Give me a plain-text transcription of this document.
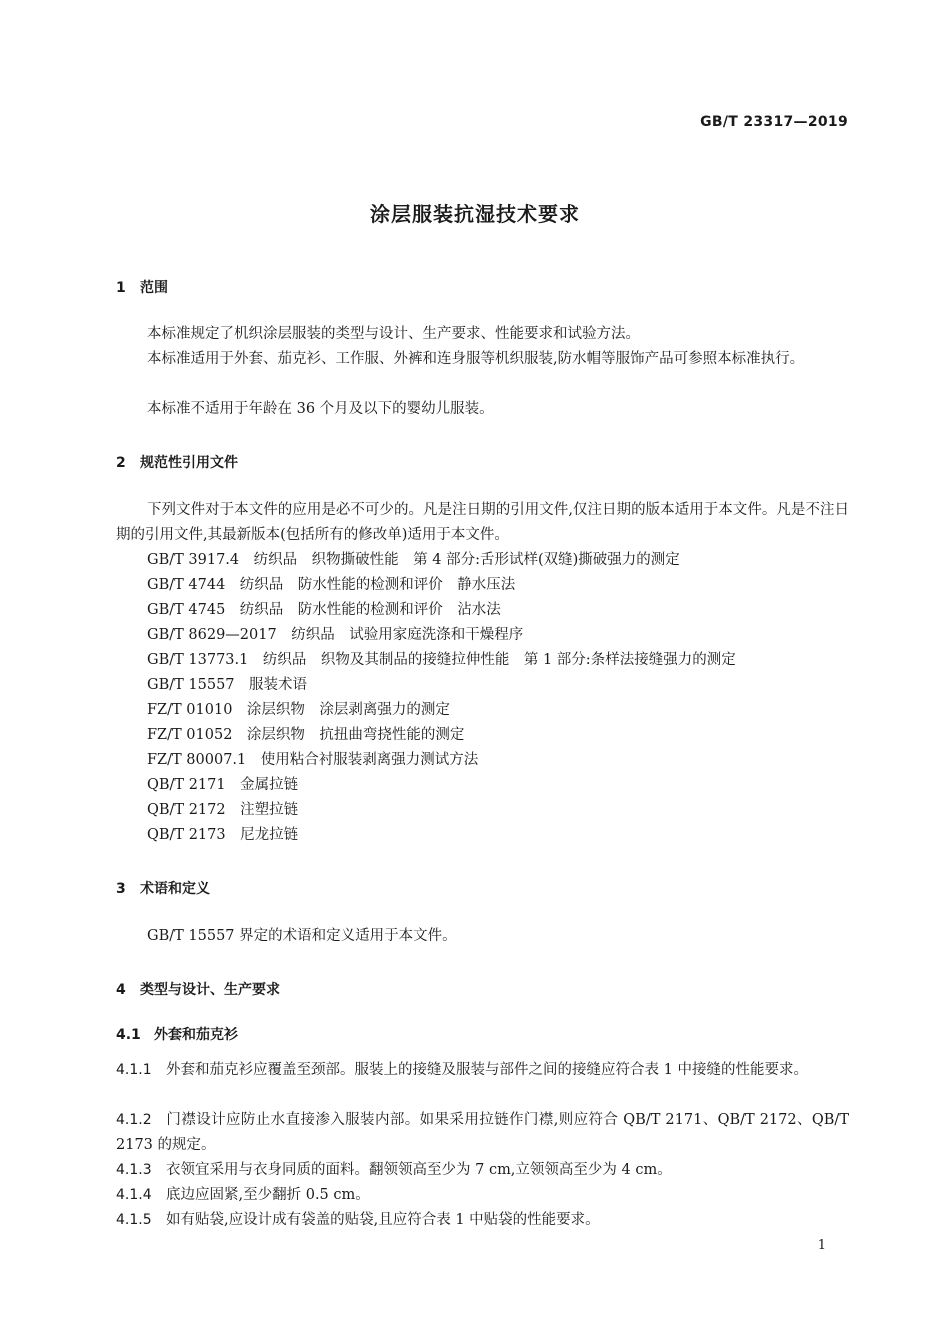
GB/T 23317—2019
涂层服装抗湿技术要求
1 范围
本标准规定了机织涂层服装的类型与设计、生产要求、性能要求和试验方法。
本标准适用于外套、茄克衫、工作服、外裤和连身服等机织服装,防水帽等服饰产品可参照本标准执行。
本标准不适用于年龄在 36 个月及以下的婴幼儿服装。
2 规范性引用文件
下列文件对于本文件的应用是必不可少的。凡是注日期的引用文件,仅注日期的版本适用于本文件。凡是不注日期的引用文件,其最新版本(包括所有的修改单)适用于本文件。
GB/T 3917.4　纺织品　织物撕破性能　第 4 部分:舌形试样(双缝)撕破强力的测定
GB/T 4744　纺织品　防水性能的检测和评价　静水压法
GB/T 4745　纺织品　防水性能的检测和评价　沾水法
GB/T 8629—2017　纺织品　试验用家庭洗涤和干燥程序
GB/T 13773.1　纺织品　织物及其制品的接缝拉伸性能　第 1 部分:条样法接缝强力的测定
GB/T 15557　服装术语
FZ/T 01010　涂层织物　涂层剥离强力的测定
FZ/T 01052　涂层织物　抗扭曲弯挠性能的测定
FZ/T 80007.1　使用粘合衬服装剥离强力测试方法
QB/T 2171　金属拉链
QB/T 2172　注塑拉链
QB/T 2173　尼龙拉链
3 术语和定义
GB/T 15557 界定的术语和定义适用于本文件。
4 类型与设计、生产要求
4.1 外套和茄克衫
4.1.1 外套和茄克衫应覆盖至颈部。服装上的接缝及服装与部件之间的接缝应符合表 1 中接缝的性能要求。
4.1.2 门襟设计应防止水直接渗入服装内部。如果采用拉链作门襟,则应符合 QB/T 2171、QB/T 2172、QB/T 2173 的规定。
4.1.3 衣领宜采用与衣身同质的面料。翻领领高至少为 7 cm,立领领高至少为 4 cm。
4.1.4 底边应固紧,至少翻折 0.5 cm。
4.1.5 如有贴袋,应设计成有袋盖的贴袋,且应符合表 1 中贴袋的性能要求。
1
